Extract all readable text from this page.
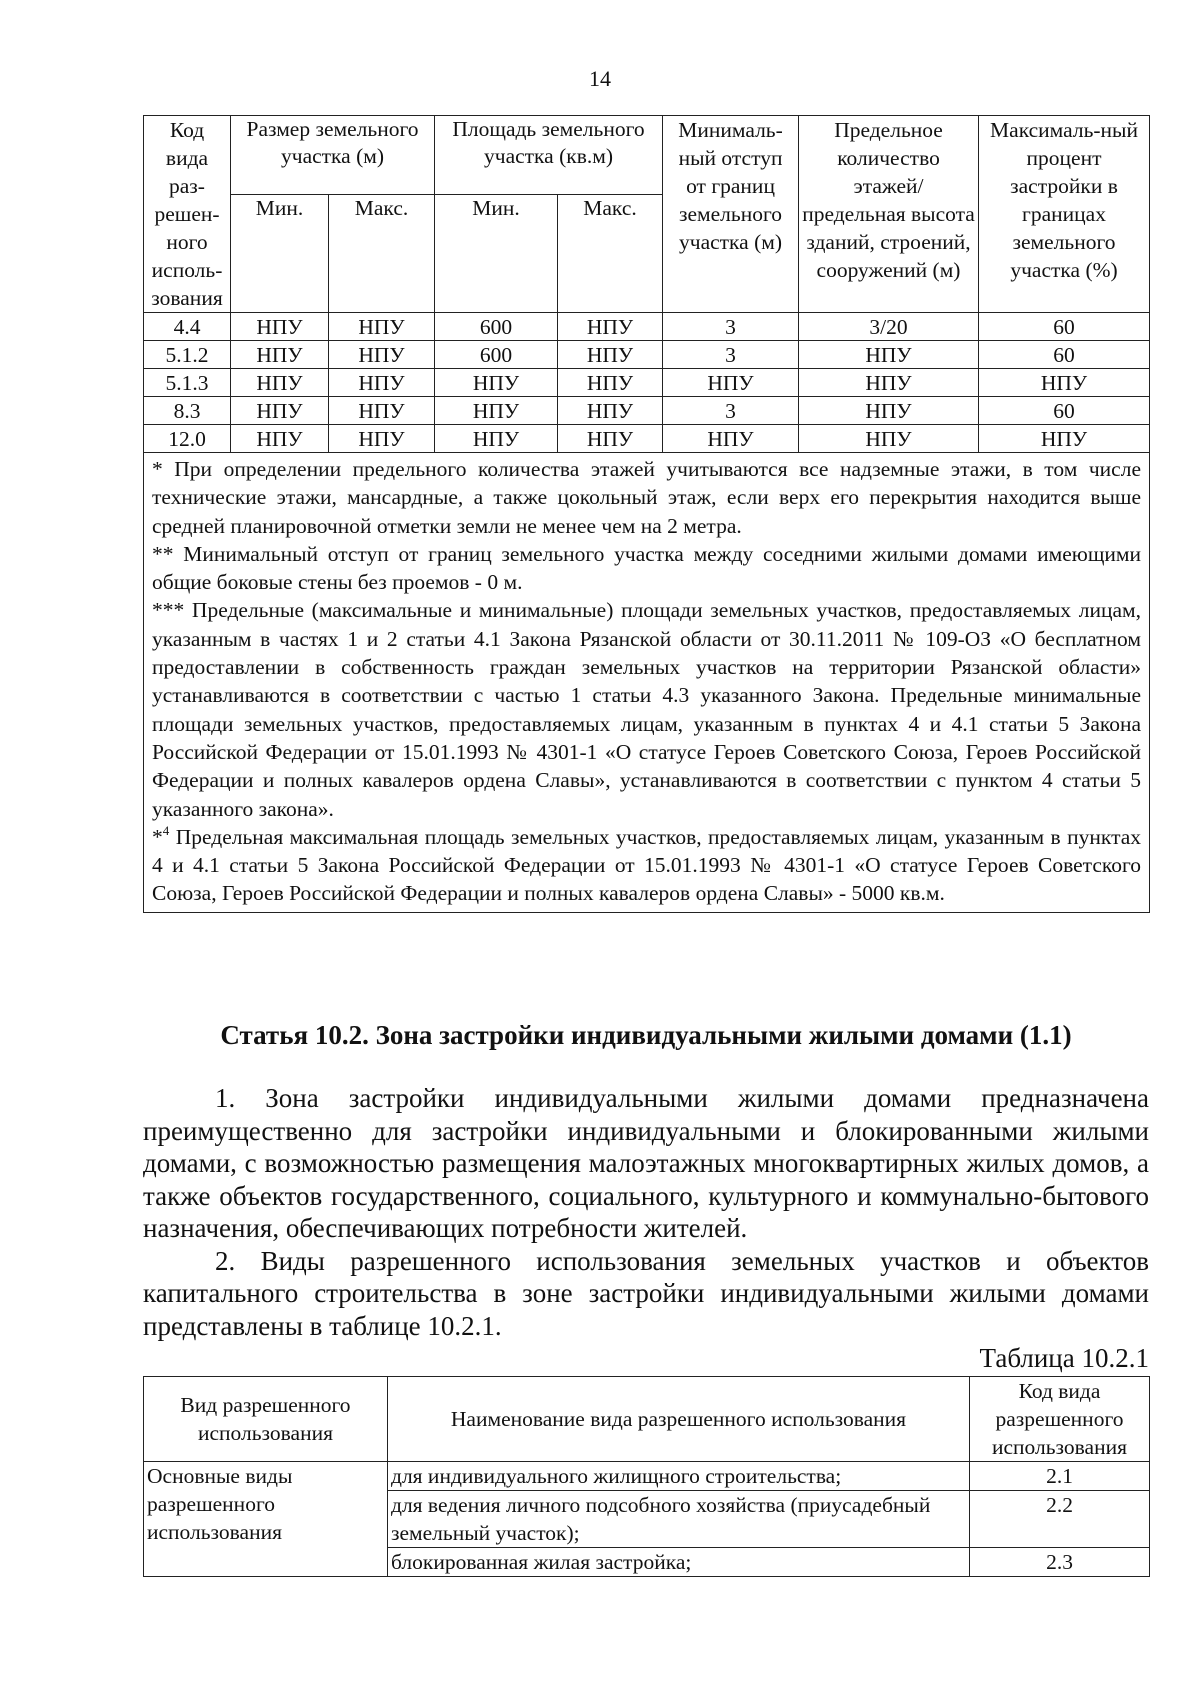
14
Код вида раз-решен-ного исполь-зования	Размер земельного участка (м)		Площадь земельного участка (кв.м)		Минималь-ный отступ от границ земельного участка (м)	Предельное количество этажей/ предельная высота зданий, строений, сооружений (м)	Максималь-ный процент застройки в границах земельного участка (%)
	Мин.	Макс.	Мин.	Макс.			
4.4	НПУ	НПУ	600	НПУ	3	3/20	60
5.1.2	НПУ	НПУ	600	НПУ	3	НПУ	60
5.1.3	НПУ	НПУ	НПУ	НПУ	НПУ	НПУ	НПУ
8.3	НПУ	НПУ	НПУ	НПУ	3	НПУ	60
12.0	НПУ	НПУ	НПУ	НПУ	НПУ	НПУ	НПУ

* При определении предельного количества этажей учитываются все надземные этажи, в том числе технические этажи, мансардные, а также цокольный этаж, если верх его перекрытия находится выше средней планировочной отметки земли не менее чем на 2 метра.

** Минимальный отступ от границ земельного участка между соседними жилыми домами имеющими общие боковые стены без проемов - 0 м.

*** Предельные (максимальные и минимальные) площади земельных участков, предоставляемых лицам, указанным в частях 1 и 2 статьи 4.1 Закона Рязанской области от 30.11.2011 № 109-ОЗ «О бесплатном предоставлении в собственность граждан земельных участков на территории Рязанской области» устанавливаются в соответствии с частью 1 статьи 4.3 указанного Закона. Предельные минимальные площади земельных участков, предоставляемых лицам, указанным в пунктах 4 и 4.1 статьи 5 Закона Российской Федерации от 15.01.1993 № 4301-1 «О статусе Героев Советского Союза, Героев Российской Федерации и полных кавалеров ордена Славы», устанавливаются в соответствии с пунктом 4 статьи 5 указанного закона».

*$^4$ Предельная максимальная площадь земельных участков, предоставляемых лицам, указанным в пунктах 4 и 4.1 статьи 5 Закона Российской Федерации от 15.01.1993 № 4301-1 «О статусе Героев Советского Союза, Героев Российской Федерации и полных кавалеров ордена Славы» - 5000 кв.м.							

Статья 10.2. Зона застройки индивидуальными жилыми домами (1.1)

1. Зона застройки индивидуальными жилыми домами предназначена преимущественно для застройки индивидуальными и блокированными жилыми домами, с возможностью размещения малоэтажных многоквартирных жилых домов, а также объектов государственного, социального, культурного и коммунально-бытового назначения, обеспечивающих потребности жителей.

2. Виды разрешенного использования земельных участков и объектов капитального строительства в зоне застройки индивидуальными жилыми домами представлены в таблице 10.2.1.

Таблица 10.2.1
Вид разрешенного использования	Наименование вида разрешенного использования	Код вида разрешенного использования
Основные виды разрешенного использования	для индивидуального жилищного строительства;	2.1
	для ведения личного подсобного хозяйства (приусадебный земельный участок);	2.2
	блокированная жилая застройка;	2.3
